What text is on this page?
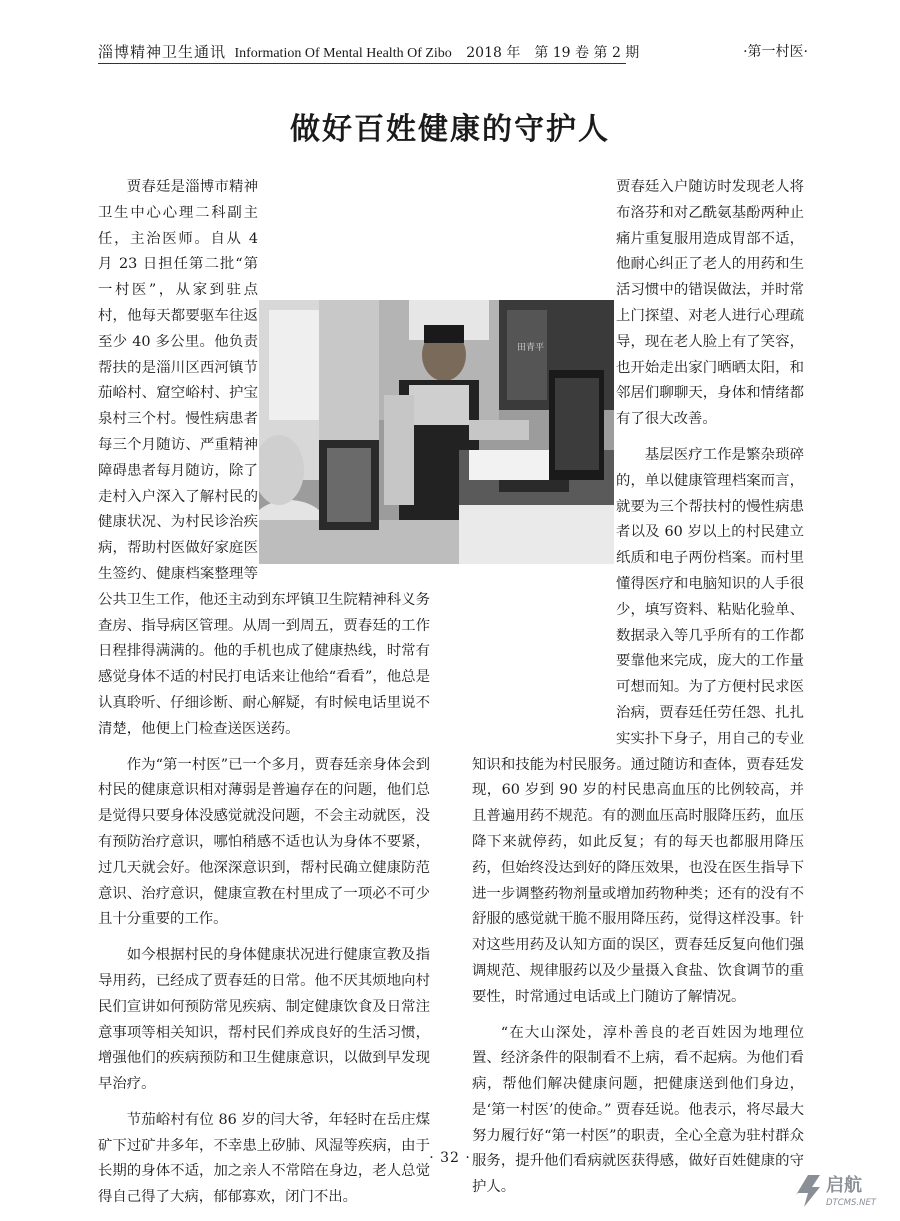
淄博精神卫生通讯 Information Of Mental Health Of Zibo 2018 年　第 19 卷 第 2 期	·第一村医·
做好百姓健康的守护人

贾春廷是淄博市精神卫生中心心理二科副主任，主治医师。自从 4 月 23 日担任第二批“第一村医”，从家到驻点村，他每天都要驱车往返至少 40 多公里。他负责帮扶的是淄川区西河镇节茄峪村、窟空峪村、护宝泉村三个村。慢性病患者每三个月随访、严重精神障碍患者每月随访，除了走村入户深入了解村民的健康状况、为村民诊治疾病，帮助村医做好家庭医生签约、健康档案整理等公共卫生工作，他还主动到东坪镇卫生院精神科义务查房、指导病区管理。从周一到周五，贾春廷的工作日程排得满满的。他的手机也成了健康热线，时常有感觉身体不适的村民打电话来让他给“看看”，他总是认真聆听、仔细诊断、耐心解疑，有时候电话里说不清楚，他便上门检查送医送药。

作为“第一村医”已一个多月，贾春廷亲身体会到村民的健康意识相对薄弱是普遍存在的问题，他们总是觉得只要身体没感觉就没问题，不会主动就医，没有预防治疗意识，哪怕稍感不适也认为身体不要紧，过几天就会好。他深深意识到，帮村民确立健康防范意识、治疗意识，健康宣教在村里成了一项必不可少且十分重要的工作。

如今根据村民的身体健康状况进行健康宣教及指导用药，已经成了贾春廷的日常。他不厌其烦地向村民们宣讲如何预防常见疾病、制定健康饮食及日常注意事项等相关知识，帮村民们养成良好的生活习惯，增强他们的疾病预防和卫生健康意识，以做到早发现早治疗。

节茄峪村有位 86 岁的闫大爷，年轻时在岳庄煤矿下过矿井多年，不幸患上矽肺、风湿等疾病，由于长期的身体不适，加之亲人不常陪在身边，老人总觉得自己得了大病，郁郁寡欢，闭门不出。

贾春廷入户随访时发现老人将布洛芬和对乙酰氨基酚两种止痛片重复服用造成胃部不适，他耐心纠正了老人的用药和生活习惯中的错误做法，并时常上门探望、对老人进行心理疏导，现在老人脸上有了笑容，也开始走出家门晒晒太阳，和邻居们聊聊天，身体和情绪都有了很大改善。

基层医疗工作是繁杂琐碎的，单以健康管理档案而言，就要为三个帮扶村的慢性病患者以及 60 岁以上的村民建立纸质和电子两份档案。而村里懂得医疗和电脑知识的人手很少，填写资料、粘贴化验单、数据录入等几乎所有的工作都要靠他来完成，庞大的工作量可想而知。为了方便村民求医治病，贾春廷任劳任怨、扎扎实实扑下身子，用自己的专业知识和技能为村民服务。通过随访和查体，贾春廷发现，60 岁到 90 岁的村民患高血压的比例较高，并且普遍用药不规范。有的测血压高时服降压药，血压降下来就停药，如此反复；有的每天也都服用降压药，但始终没达到好的降压效果，也没在医生指导下进一步调整药物剂量或增加药物种类；还有的没有不舒服的感觉就干脆不服用降压药，觉得这样没事。针对这些用药及认知方面的误区，贾春廷反复向他们强调规范、规律服药以及少量摄入食盐、饮食调节的重要性，时常通过电话或上门随访了解情况。

“在大山深处，淳朴善良的老百姓因为地理位置、经济条件的限制看不上病，看不起病。为他们看病，帮他们解决健康问题，把健康送到他们身边，是‘第一村医’的使命。” 贾春廷说。他表示，将尽最大努力履行好“第一村医”的职责，全心全意为驻村群众服务，提升他们看病就医获得感，做好百姓健康的守护人。

田青平
· 32 ·
启航
DTCMS.NET
